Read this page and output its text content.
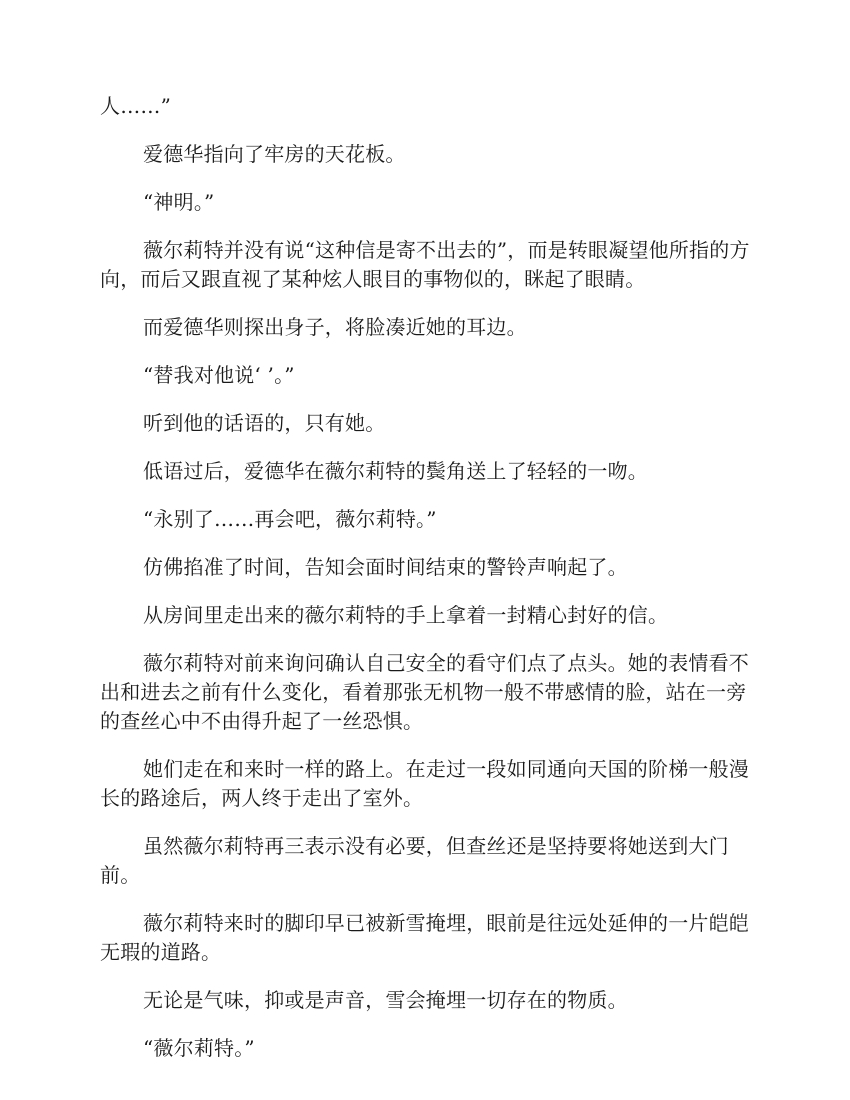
人……”

爱德华指向了牢房的天花板。

“神明。”

薇尔莉特并没有说“这种信是寄不出去的”，而是转眼凝望他所指的方向，而后又跟直视了某种炫人眼目的事物似的，眯起了眼睛。

而爱德华则探出身子，将脸凑近她的耳边。

“替我对他说‘ ’。”

听到他的话语的，只有她。

低语过后，爱德华在薇尔莉特的鬓角送上了轻轻的一吻。

“永别了……再会吧，薇尔莉特。”

仿佛掐准了时间，告知会面时间结束的警铃声响起了。

从房间里走出来的薇尔莉特的手上拿着一封精心封好的信。

薇尔莉特对前来询问确认自己安全的看守们点了点头。她的表情看不出和进去之前有什么变化，看着那张无机物一般不带感情的脸，站在一旁的查丝心中不由得升起了一丝恐惧。

她们走在和来时一样的路上。在走过一段如同通向天国的阶梯一般漫长的路途后，两人终于走出了室外。

虽然薇尔莉特再三表示没有必要，但查丝还是坚持要将她送到大门前。

薇尔莉特来时的脚印早已被新雪掩埋，眼前是往远处延伸的一片皑皑无瑕的道路。

无论是气味，抑或是声音，雪会掩埋一切存在的物质。

“薇尔莉特。”
